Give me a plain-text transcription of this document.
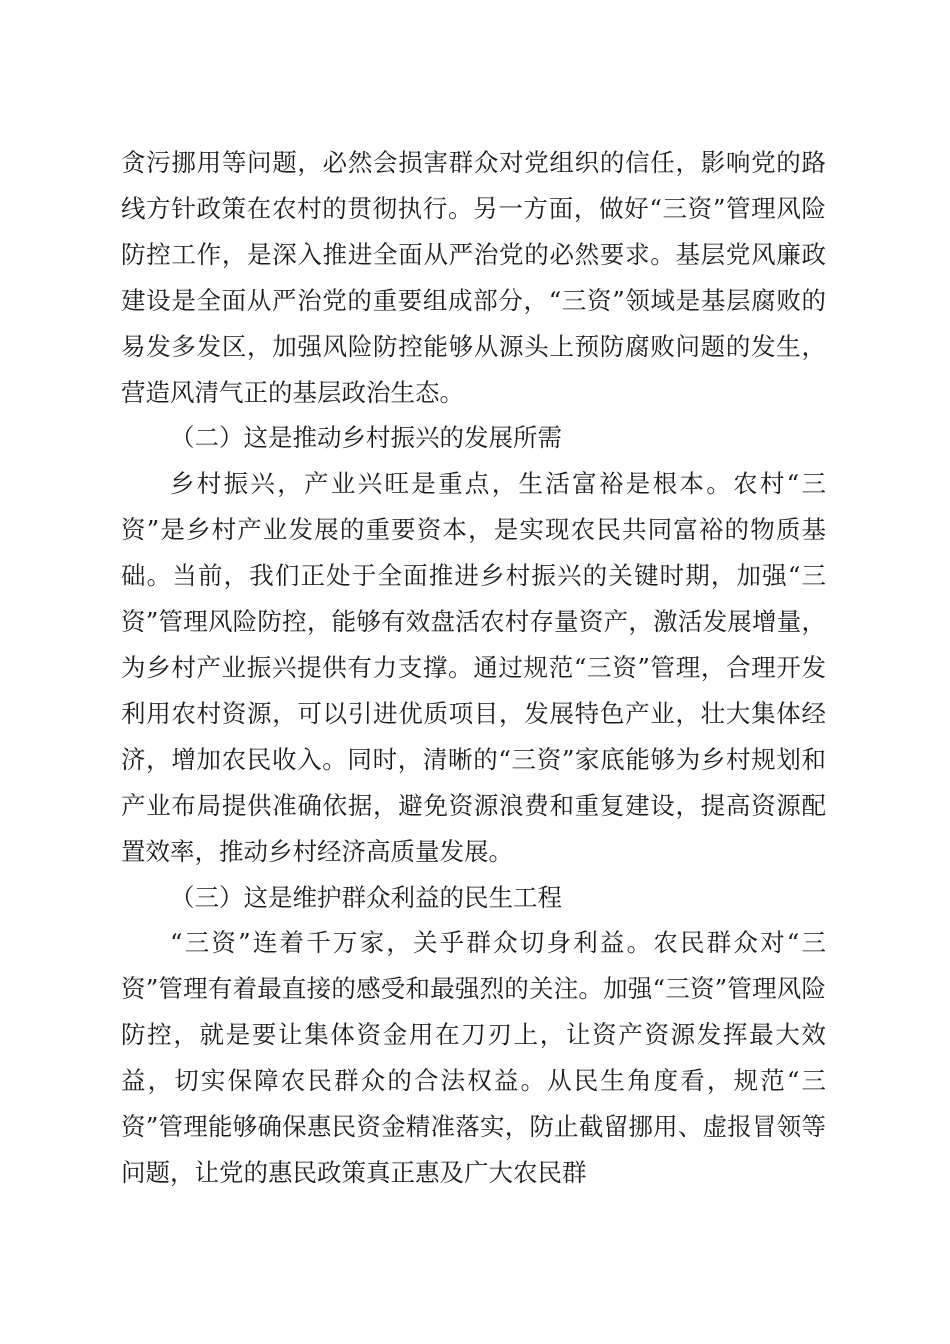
贪污挪用等问题，必然会损害群众对党组织的信任，影响党的路线方针政策在农村的贯彻执行。另一方面，做好“三资”管理风险防控工作，是深入推进全面从严治党的必然要求。基层党风廉政建设是全面从严治党的重要组成部分，“三资”领域是基层腐败的易发多发区，加强风险防控能够从源头上预防腐败问题的发生，营造风清气正的基层政治生态。

（二）这是推动乡村振兴的发展所需

乡村振兴，产业兴旺是重点，生活富裕是根本。农村“三资”是乡村产业发展的重要资本，是实现农民共同富裕的物质基础。当前，我们正处于全面推进乡村振兴的关键时期，加强“三资”管理风险防控，能够有效盘活农村存量资产，激活发展增量，为乡村产业振兴提供有力支撑。通过规范“三资”管理，合理开发利用农村资源，可以引进优质项目，发展特色产业，壮大集体经济，增加农民收入。同时，清晰的“三资”家底能够为乡村规划和产业布局提供准确依据，避免资源浪费和重复建设，提高资源配置效率，推动乡村经济高质量发展。

（三）这是维护群众利益的民生工程

“三资”连着千万家，关乎群众切身利益。农民群众对“三资”管理有着最直接的感受和最强烈的关注。加强“三资”管理风险防控，就是要让集体资金用在刀刃上，让资产资源发挥最大效益，切实保障农民群众的合法权益。从民生角度看，规范“三资”管理能够确保惠民资金精准落实，防止截留挪用、虚报冒领等问题，让党的惠民政策真正惠及广大农民群
